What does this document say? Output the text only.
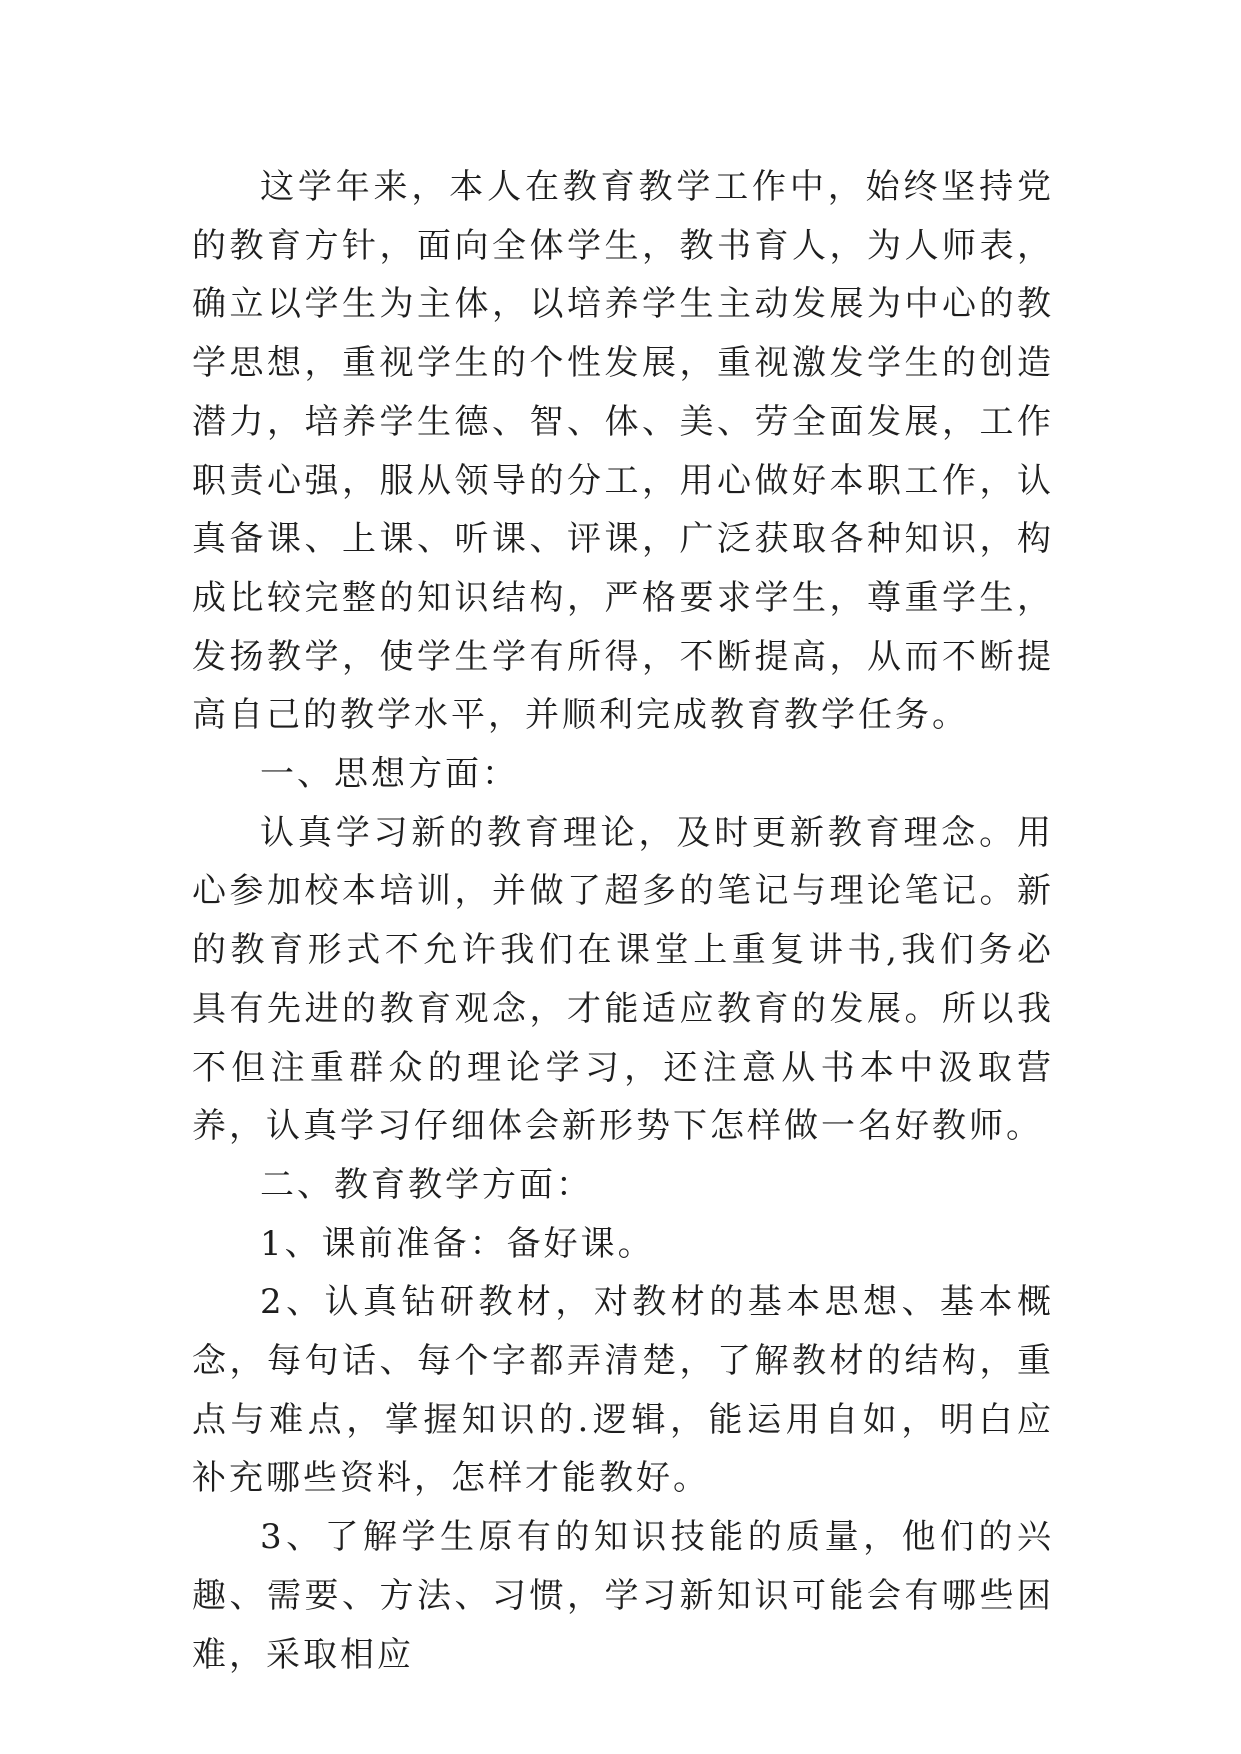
这学年来，本人在教育教学工作中，始终坚持党的教育方针，面向全体学生，教书育人，为人师表，确立以学生为主体，以培养学生主动发展为中心的教学思想，重视学生的个性发展，重视激发学生的创造潜力，培养学生德、智、体、美、劳全面发展，工作职责心强，服从领导的分工，用心做好本职工作，认真备课、上课、听课、评课，广泛获取各种知识，构成比较完整的知识结构，严格要求学生，尊重学生，发扬教学，使学生学有所得，不断提高，从而不断提高自己的教学水平，并顺利完成教育教学任务。

一、思想方面：

认真学习新的教育理论，及时更新教育理念。用心参加校本培训，并做了超多的笔记与理论笔记。新的教育形式不允许我们在课堂上重复讲书,我们务必具有先进的教育观念，才能适应教育的发展。所以我不但注重群众的理论学习，还注意从书本中汲取营养，认真学习仔细体会新形势下怎样做一名好教师。

二、教育教学方面：

1、课前准备：备好课。

2、认真钻研教材，对教材的基本思想、基本概念，每句话、每个字都弄清楚，了解教材的结构，重点与难点，掌握知识的.逻辑，能运用自如，明白应补充哪些资料，怎样才能教好。

3、了解学生原有的知识技能的质量，他们的兴趣、需要、方法、习惯，学习新知识可能会有哪些困难，采取相应
